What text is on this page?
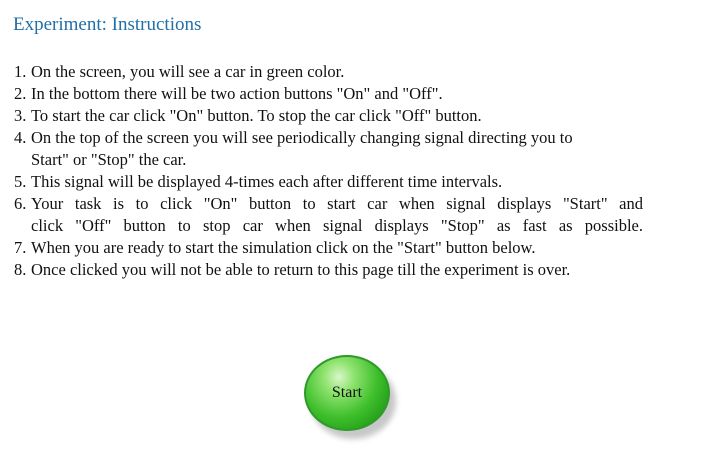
Experiment: Instructions
1. On the screen, you will see a car in green color.
2. In the bottom there will be two action buttons "On" and "Off".
3. To start the car click "On" button. To stop the car click "Off" button.
4. On the top of the screen you will see periodically changing signal directing you to
Start" or "Stop" the car.
5. This signal will be displayed 4-times each after different time intervals.
6. Your task is to click "On" button to start car when signal displays "Start" and
click "Off" button to stop car when signal displays "Stop" as fast as possible.
7. When you are ready to start the simulation click on the "Start" button below.
8. Once clicked you will not be able to return to this page till the experiment is over.
Start
